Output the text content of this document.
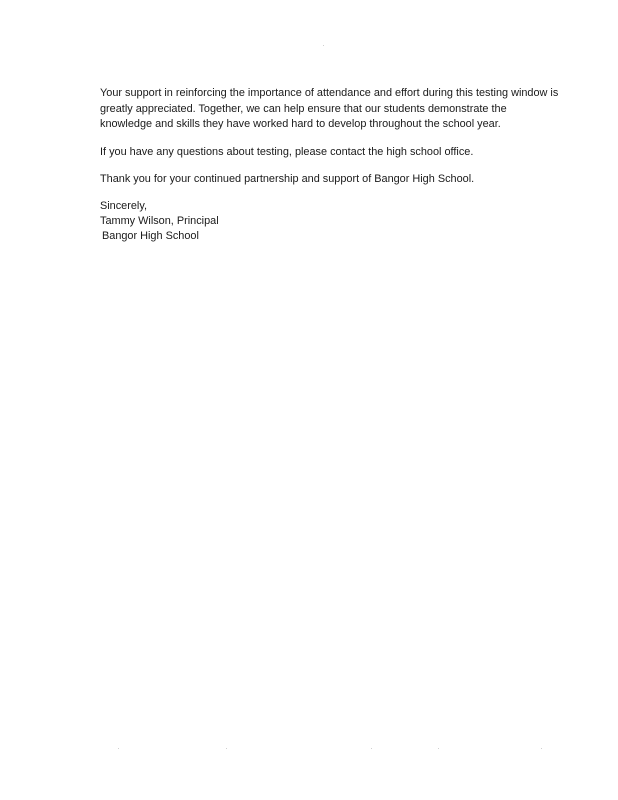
Your support in reinforcing the importance of attendance and effort during this testing window is greatly appreciated. Together, we can help ensure that our students demonstrate the knowledge and skills they have worked hard to develop throughout the school year.

If you have any questions about testing, please contact the high school office.

Thank you for your continued partnership and support of Bangor High School.

Sincerely,
Tammy Wilson, Principal
Bangor High School
